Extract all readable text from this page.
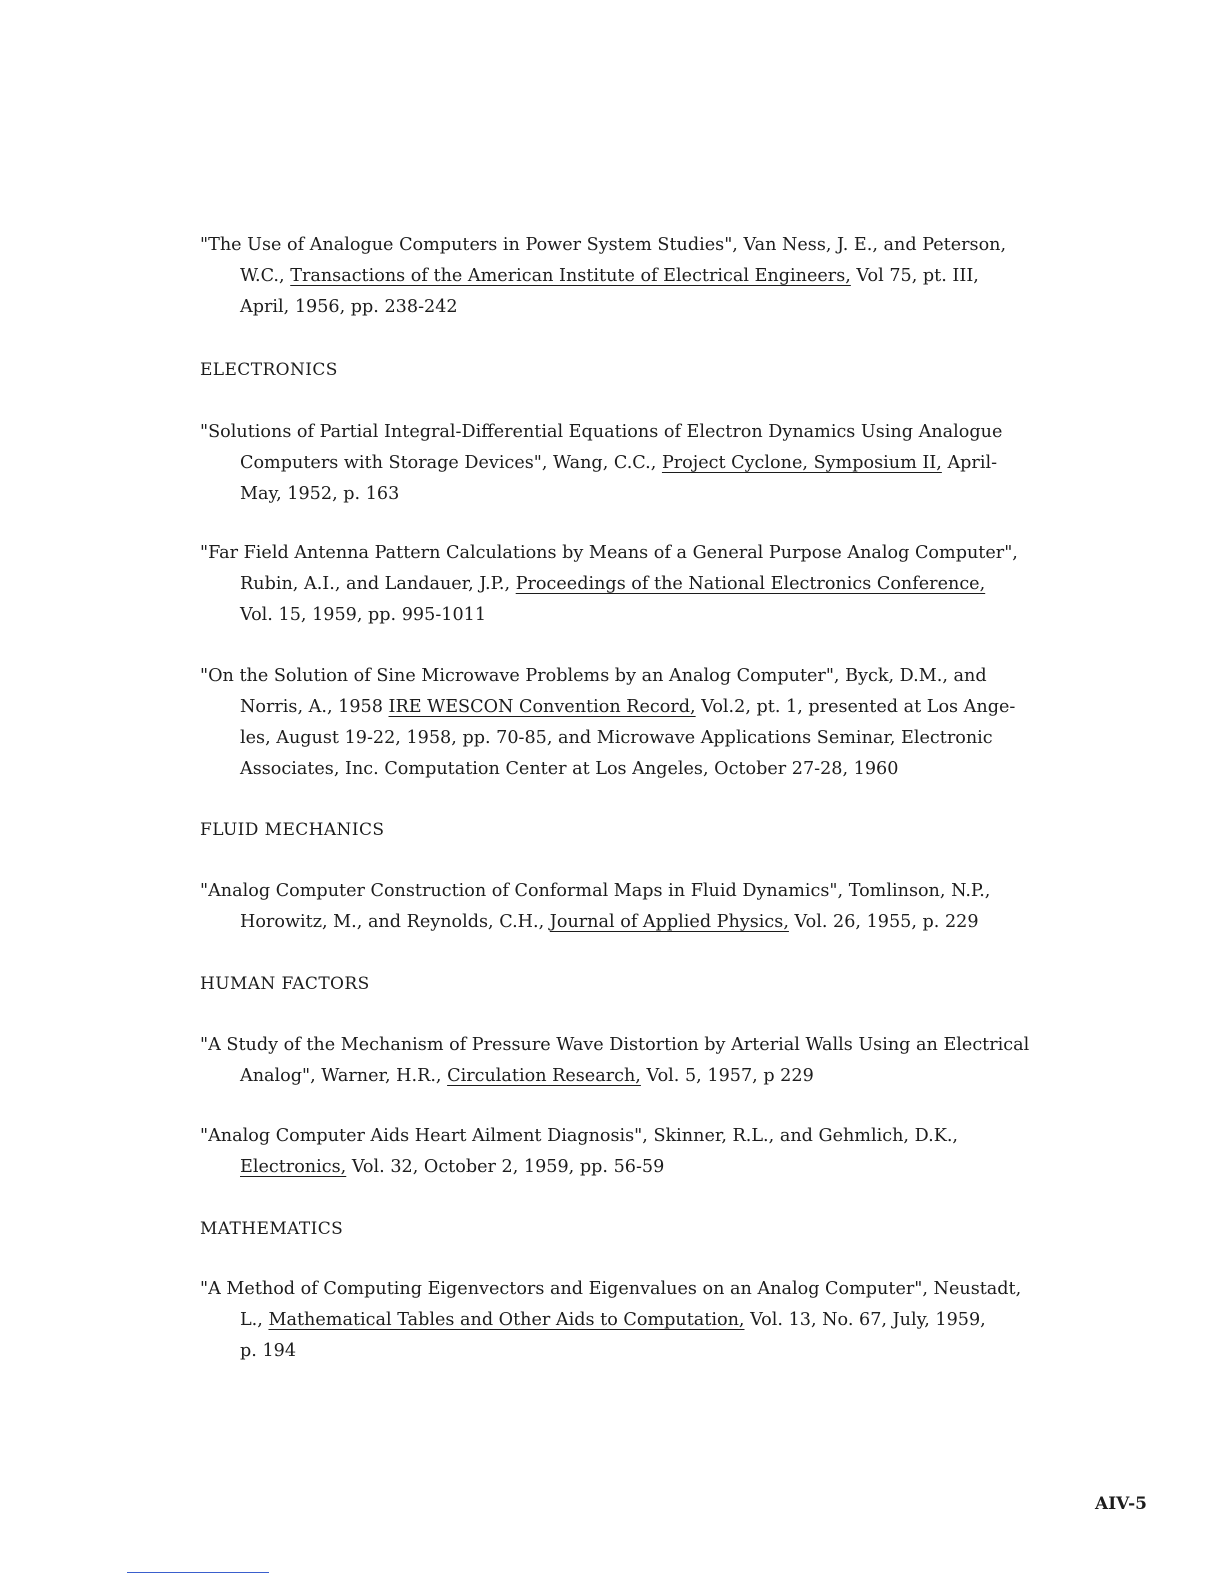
"The Use of Analogue Computers in Power System Studies", Van Ness, J. E., and Peterson,
W.C., Transactions of the American Institute of Electrical Engineers, Vol 75, pt. III,
April, 1956, pp. 238-242

ELECTRONICS

"Solutions of Partial Integral-Differential Equations of Electron Dynamics Using Analogue
Computers with Storage Devices", Wang, C.C., Project Cyclone, Symposium II, April-
May, 1952, p. 163

"Far Field Antenna Pattern Calculations by Means of a General Purpose Analog Computer",
Rubin, A.I., and Landauer, J.P., Proceedings of the National Electronics Conference,
Vol. 15, 1959, pp. 995-1011

"On the Solution of Sine Microwave Problems by an Analog Computer", Byck, D.M., and
Norris, A., 1958 IRE WESCON Convention Record, Vol.2, pt. 1, presented at Los Ange-
les, August 19-22, 1958, pp. 70-85, and Microwave Applications Seminar, Electronic
Associates, Inc. Computation Center at Los Angeles, October 27-28, 1960

FLUID MECHANICS

"Analog Computer Construction of Conformal Maps in Fluid Dynamics", Tomlinson, N.P.,
Horowitz, M., and Reynolds, C.H., Journal of Applied Physics, Vol. 26, 1955, p. 229

HUMAN FACTORS

"A Study of the Mechanism of Pressure Wave Distortion by Arterial Walls Using an Electrical
Analog", Warner, H.R., Circulation Research, Vol. 5, 1957, p 229

"Analog Computer Aids Heart Ailment Diagnosis", Skinner, R.L., and Gehmlich, D.K.,
Electronics, Vol. 32, October 2, 1959, pp. 56-59

MATHEMATICS

"A Method of Computing Eigenvectors and Eigenvalues on an Analog Computer", Neustadt,
L., Mathematical Tables and Other Aids to Computation, Vol. 13, No. 67, July, 1959,
p. 194

AIV-5
